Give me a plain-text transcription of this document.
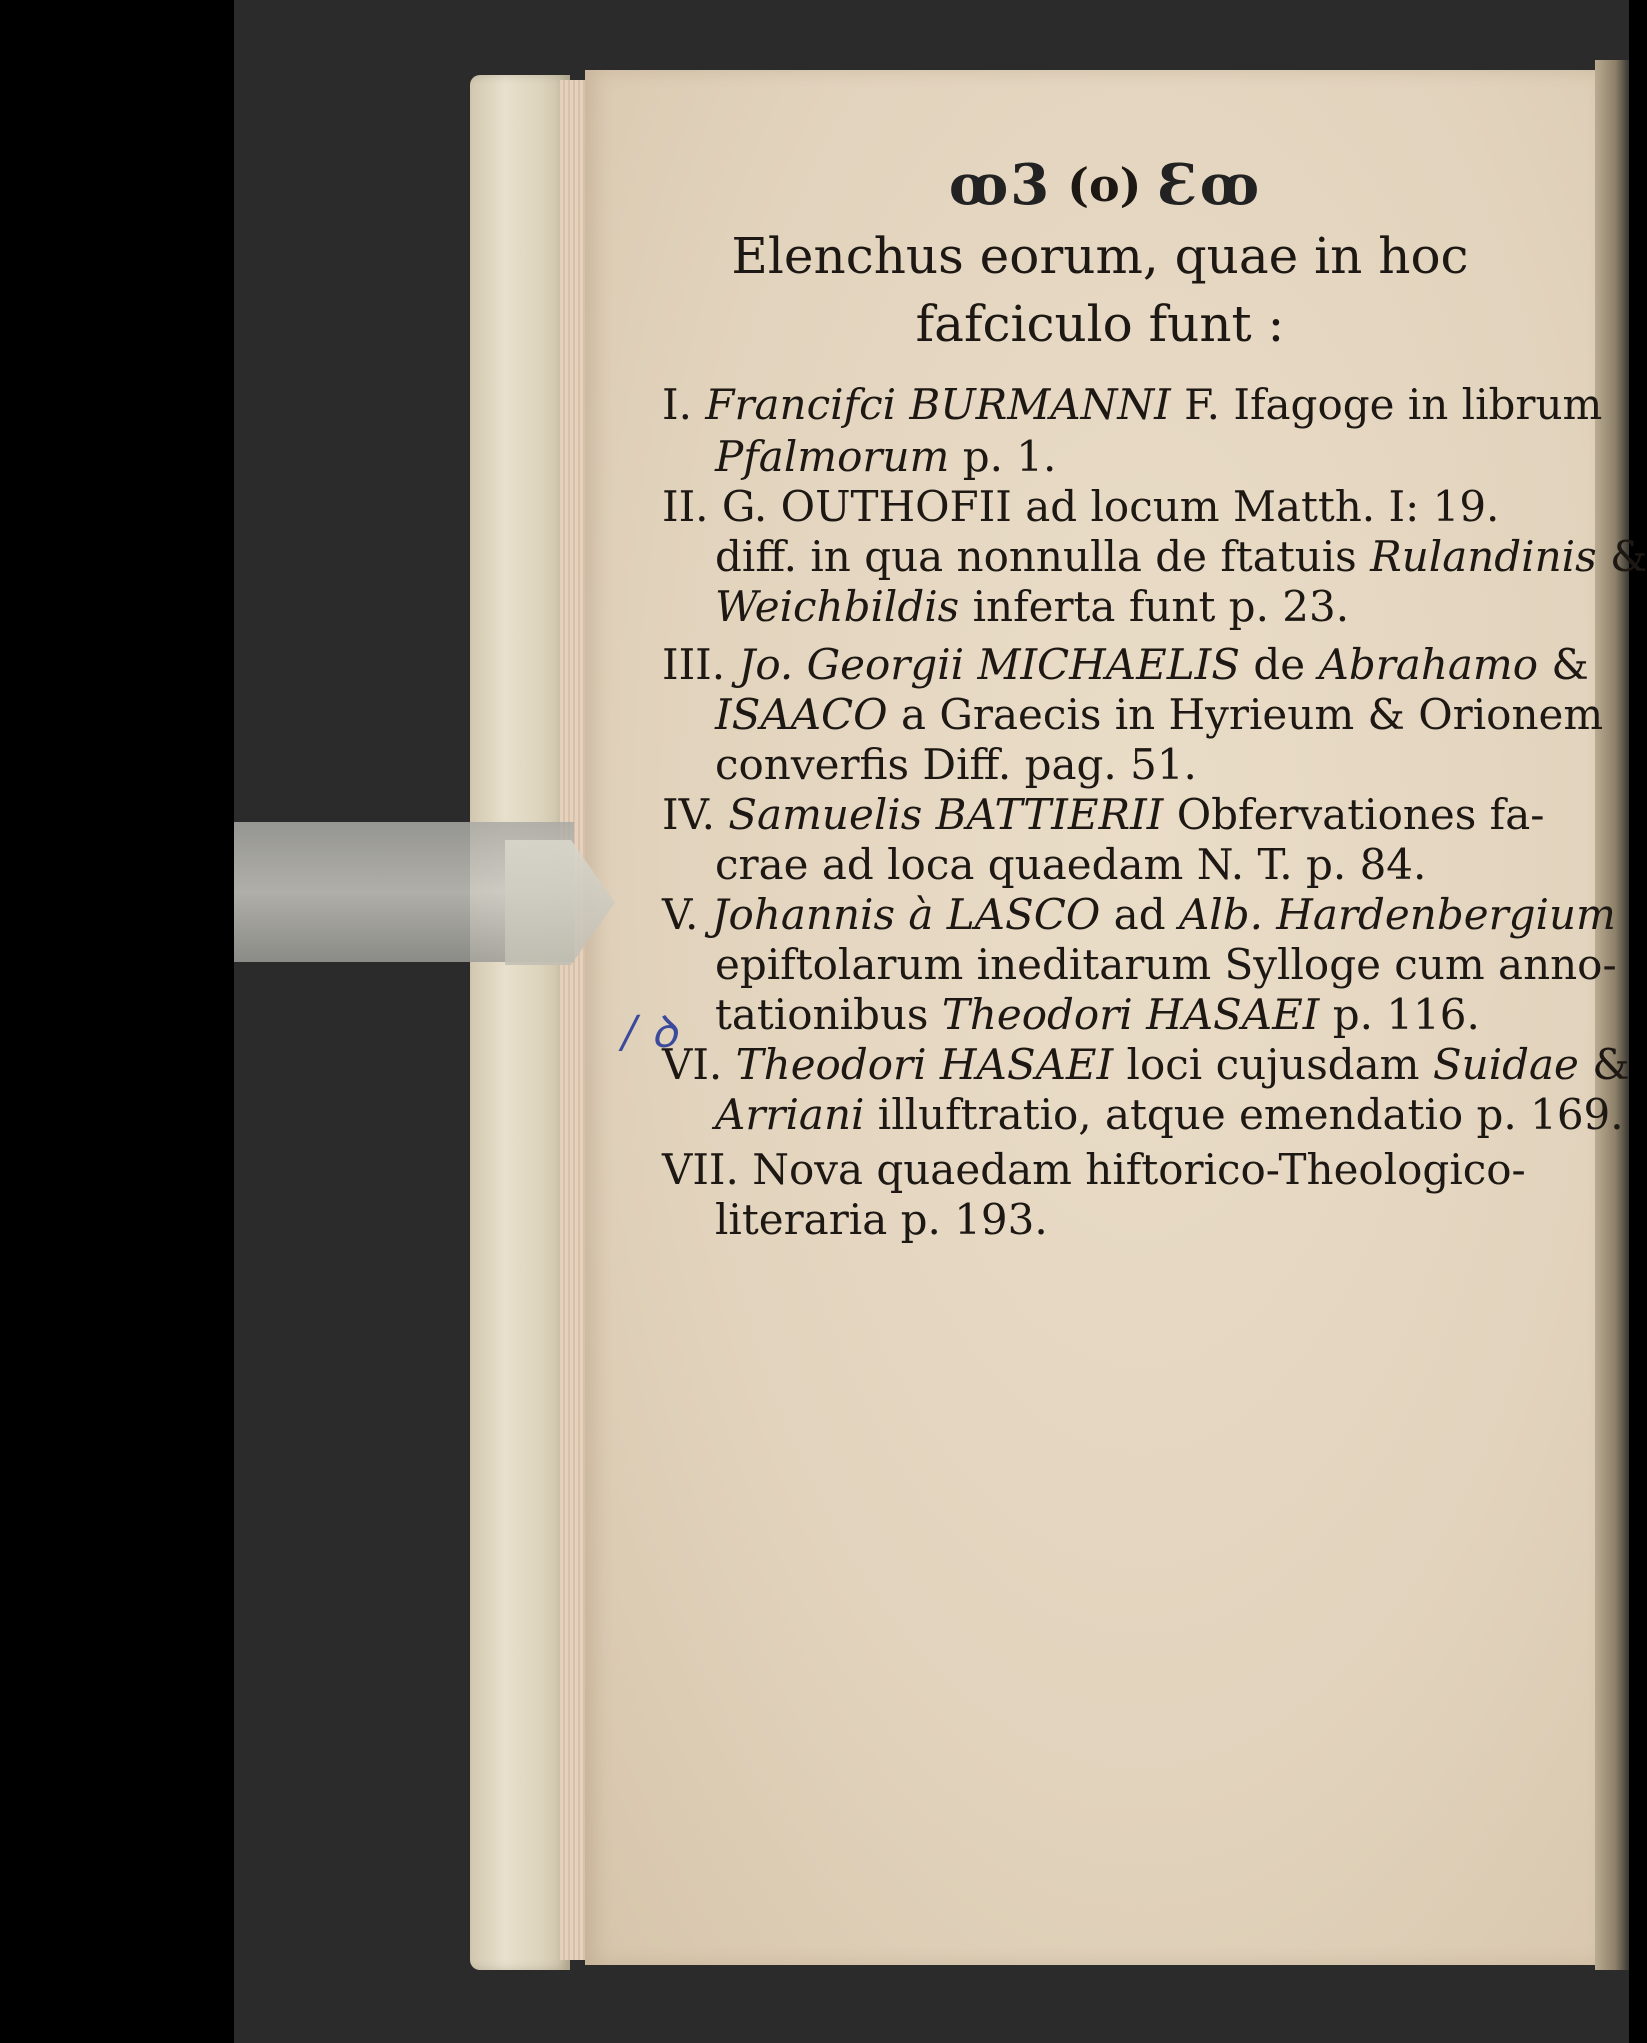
ꝏ3 (o) Ɛꝏ
Elenchus eorum, quae in hoc
fafciculo funt :
I. Francifci BURMANNI F. Ifagoge in librum
Pfalmorum p. 1.
II. G. OUTHOFII ad locum Matth. I: 19.
diff. in qua nonnulla de ftatuis Rulandinis &
Weichbildis inferta funt p. 23.
III. Jo. Georgii MICHAELIS de Abrahamo &
ISAACO a Graecis in Hyrieum & Orionem
converfis Diff. pag. 51.
IV. Samuelis BATTIERII Obfervationes fa-
crae ad loca quaedam N. T. p. 84.
V. Johannis à LASCO ad Alb. Hardenbergium
epiftolarum ineditarum Sylloge cum anno-
tationibus Theodori HASAEI p. 116.
VI. Theodori HASAEI loci cujusdam Suidae &
Arriani illuftratio, atque emendatio p. 169.
VII. Nova quaedam hiftorico-Theologico-
literaria p. 193.
/ ꝺ
